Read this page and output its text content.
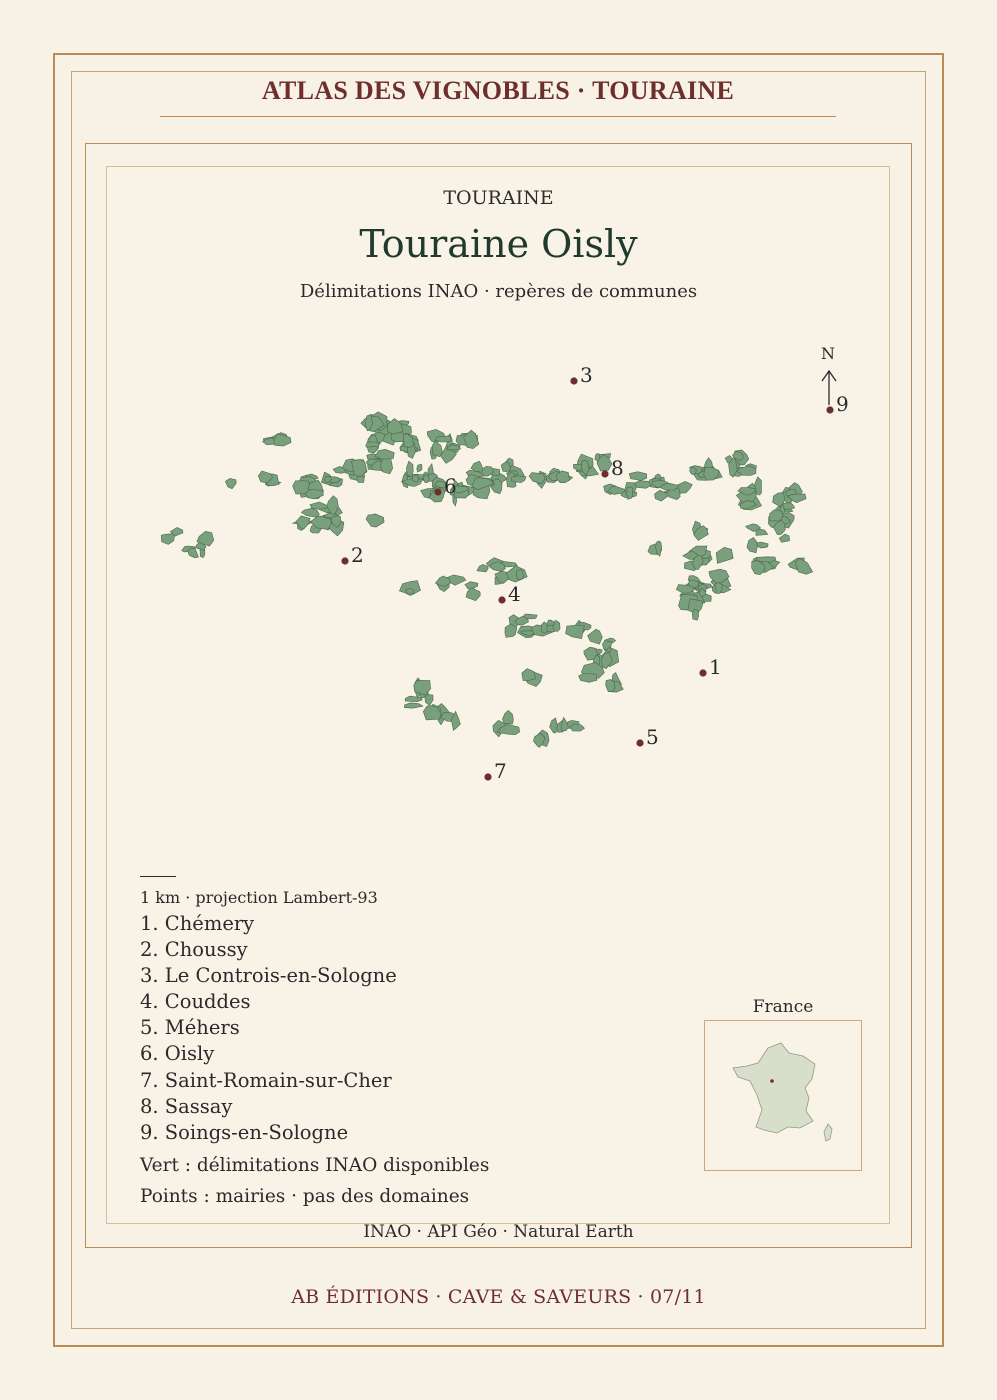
ATLAS DES VIGNOBLES · TOURAINE
TOURAINE
Touraine Oisly
Délimitations INAO · repères de communes
1
2
3
4
5
6
7
8
9
N
1 km · projection Lambert-93
1. Chémery
2. Choussy
3. Le Controis-en-Sologne
4. Couddes
5. Méhers
6. Oisly
7. Saint-Romain-sur-Cher
8. Sassay
9. Soings-en-Sologne
Vert : délimitations INAO disponibles
Points : mairies · pas des domaines
France
INAO · API Géo · Natural Earth
AB ÉDITIONS · CAVE & SAVEURS · 07/11
